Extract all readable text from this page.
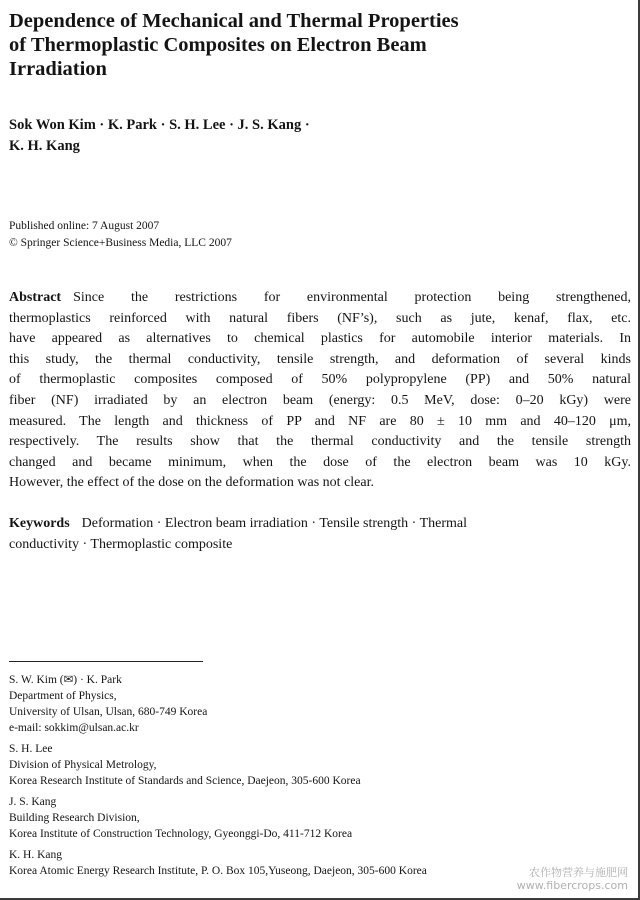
Dependence of Mechanical and Thermal Properties
of Thermoplastic Composites on Electron Beam
Irradiation
Sok Won Kim · K. Park · S. H. Lee · J. S. Kang ·
K. H. Kang
Published online: 7 August 2007
© Springer Science+Business Media, LLC 2007
Abstract Since the restrictions for environmental protection being strengthened,
thermoplastics reinforced with natural fibers (NF’s), such as jute, kenaf, flax, etc.
have appeared as alternatives to chemical plastics for automobile interior materials. In
this study, the thermal conductivity, tensile strength, and deformation of several kinds
of thermoplastic composites composed of 50% polypropylene (PP) and 50% natural
fiber (NF) irradiated by an electron beam (energy: 0.5 MeV, dose: 0–20 kGy) were
measured. The length and thickness of PP and NF are 80 ± 10 mm and 40–120 μm,
respectively. The results show that the thermal conductivity and the tensile strength
changed and became minimum, when the dose of the electron beam was 10 kGy.
However, the effect of the dose on the deformation was not clear.
Keywords Deformation · Electron beam irradiation · Tensile strength · Thermal
conductivity · Thermoplastic composite
S. W. Kim (✉) · K. Park
Department of Physics,
University of Ulsan, Ulsan, 680-749 Korea
e-mail: sokkim@ulsan.ac.kr
S. H. Lee
Division of Physical Metrology,
Korea Research Institute of Standards and Science, Daejeon, 305-600 Korea
J. S. Kang
Building Research Division,
Korea Institute of Construction Technology, Gyeonggi-Do, 411-712 Korea
K. H. Kang
Korea Atomic Energy Research Institute, P. O. Box 105,Yuseong, Daejeon, 305-600 Korea	农作物营养与施肥网
www.fibercrops.com
